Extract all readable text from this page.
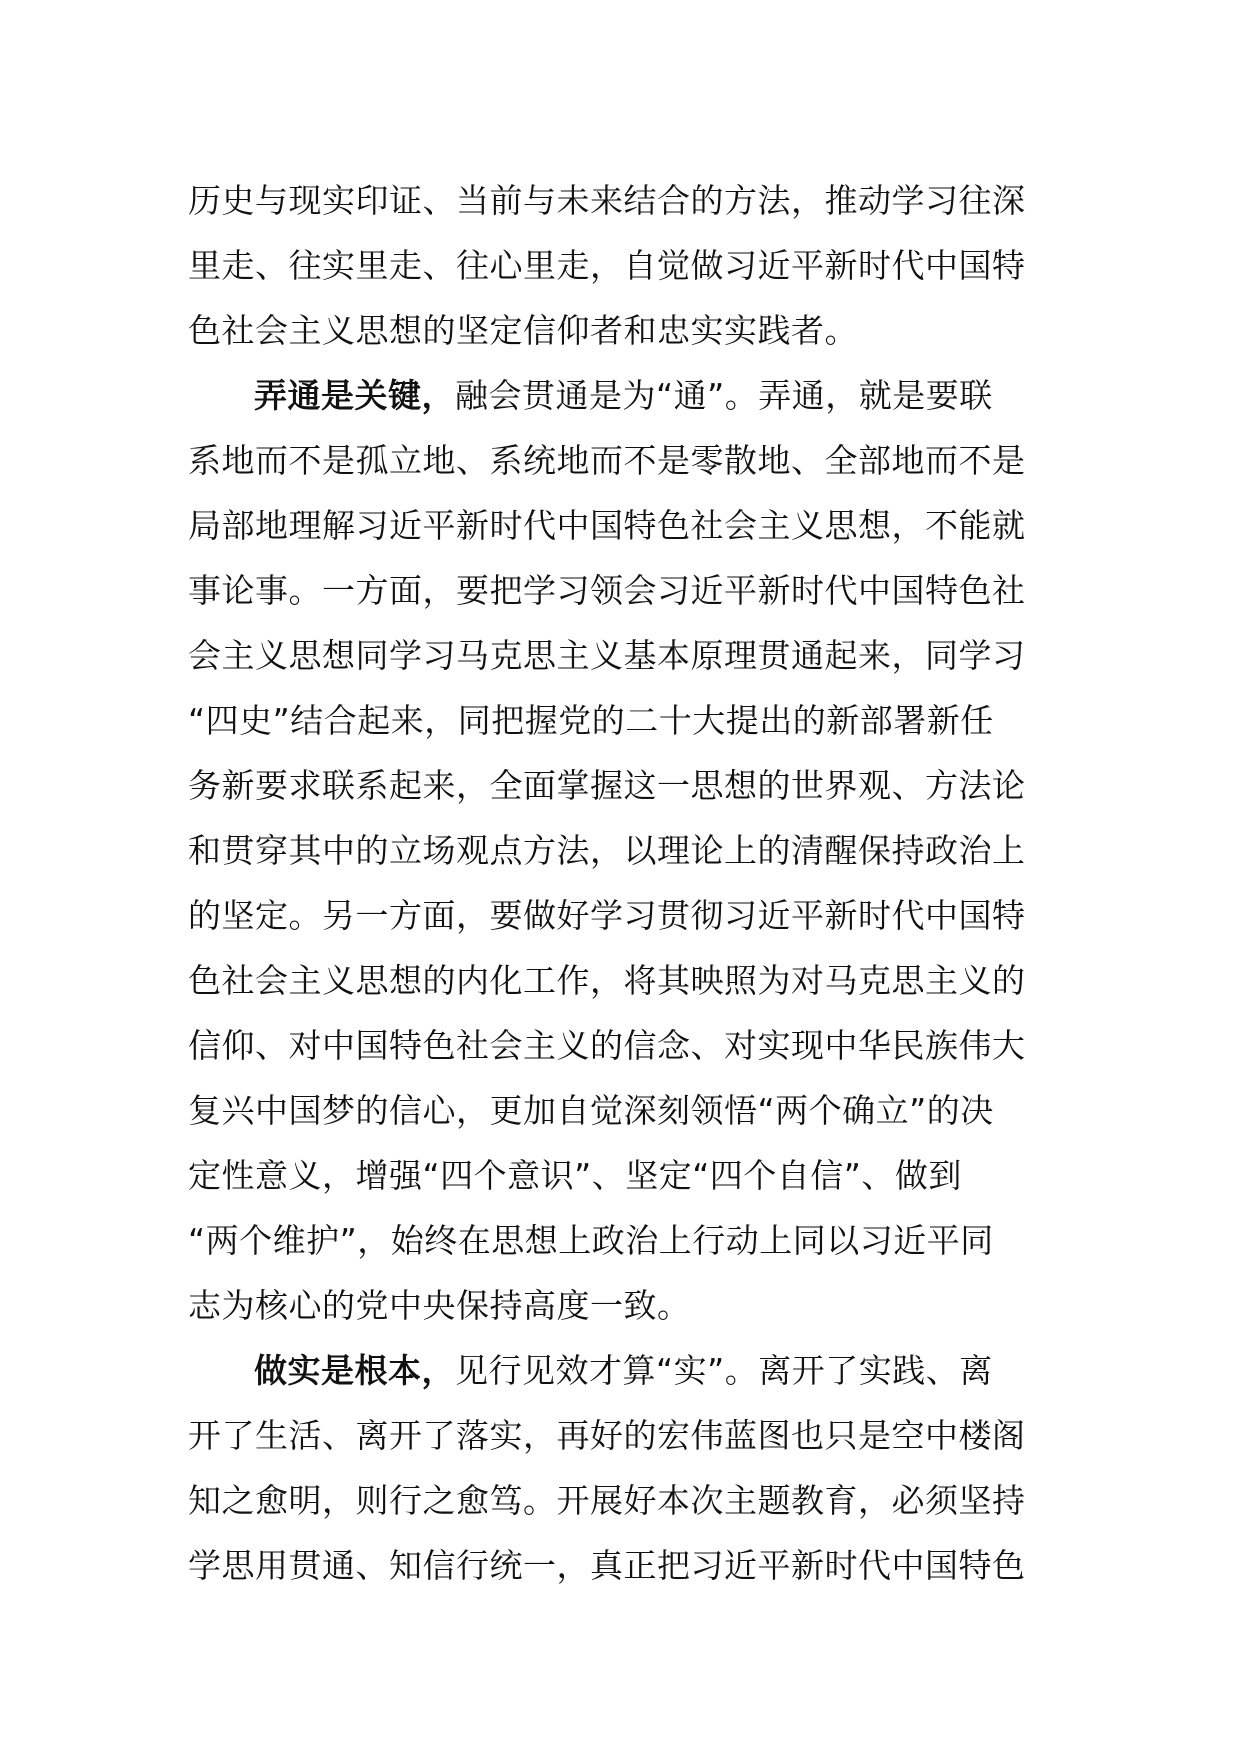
历史与现实印证、当前与未来结合的方法，推动学习往深
里走、往实里走、往心里走，自觉做习近平新时代中国特
色社会主义思想的坚定信仰者和忠实实践者。
弄通是关键，融会贯通是为“通”。弄通，就是要联
系地而不是孤立地、系统地而不是零散地、全部地而不是
局部地理解习近平新时代中国特色社会主义思想，不能就
事论事。一方面，要把学习领会习近平新时代中国特色社
会主义思想同学习马克思主义基本原理贯通起来，同学习
“四史”结合起来，同把握党的二十大提出的新部署新任
务新要求联系起来，全面掌握这一思想的世界观、方法论
和贯穿其中的立场观点方法，以理论上的清醒保持政治上
的坚定。另一方面，要做好学习贯彻习近平新时代中国特
色社会主义思想的内化工作，将其映照为对马克思主义的
信仰、对中国特色社会主义的信念、对实现中华民族伟大
复兴中国梦的信心，更加自觉深刻领悟“两个确立”的决
定性意义，增强“四个意识”、坚定“四个自信”、做到
“两个维护”，始终在思想上政治上行动上同以习近平同
志为核心的党中央保持高度一致。
做实是根本，见行见效才算“实”。离开了实践、离
开了生活、离开了落实，再好的宏伟蓝图也只是空中楼阁
知之愈明，则行之愈笃。开展好本次主题教育，必须坚持
学思用贯通、知信行统一，真正把习近平新时代中国特色
